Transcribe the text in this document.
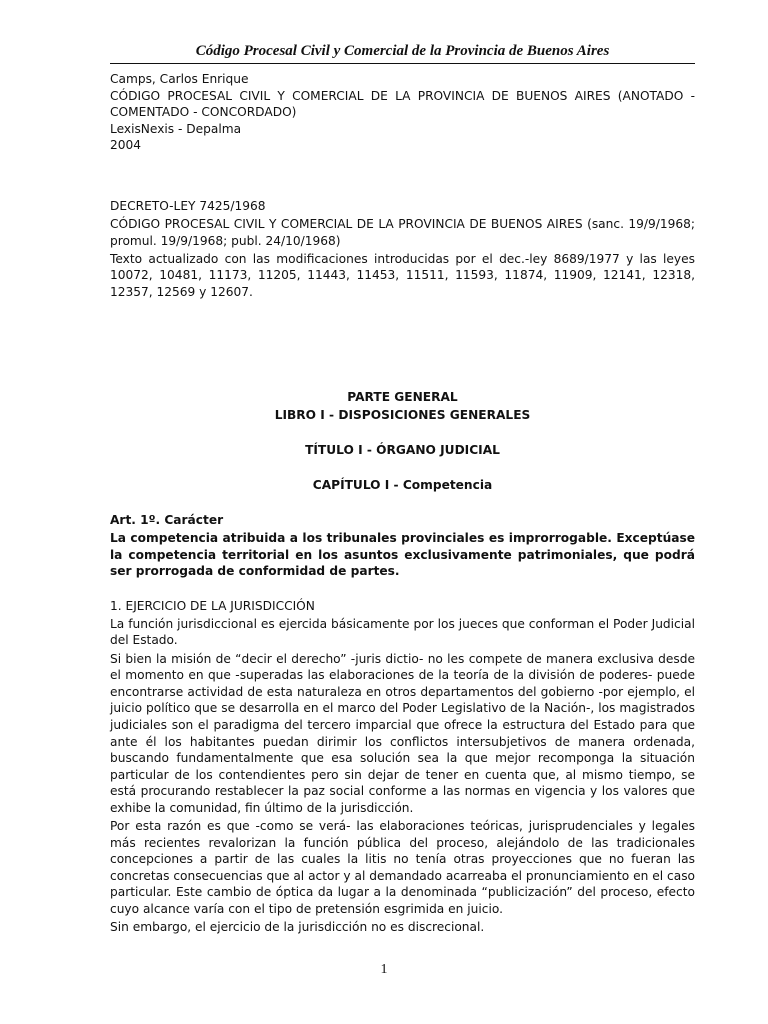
Código Procesal Civil y Comercial de la Provincia de Buenos Aires

Camps, Carlos Enrique

CÓDIGO PROCESAL CIVIL Y COMERCIAL DE LA PROVINCIA DE BUENOS AIRES (ANOTADO - COMENTADO - CONCORDADO)

LexisNexis - Depalma

2004

DECRETO-LEY 7425/1968

CÓDIGO PROCESAL CIVIL Y COMERCIAL DE LA PROVINCIA DE BUENOS AIRES (sanc. 19/9/1968; promul. 19/9/1968; publ. 24/10/1968)

Texto actualizado con las modificaciones introducidas por el dec.-ley 8689/1977 y las leyes 10072, 10481, 11173, 11205, 11443, 11453, 11511, 11593, 11874, 11909, 12141, 12318, 12357, 12569 y 12607.

PARTE GENERAL

LIBRO I - DISPOSICIONES GENERALES

TÍTULO I - ÓRGANO JUDICIAL

CAPÍTULO I - Competencia

Art. 1º. Carácter

La competencia atribuida a los tribunales provinciales es improrrogable. Exceptúase la competencia territorial en los asuntos exclusivamente patrimoniales, que podrá ser prorrogada de conformidad de partes.

1. EJERCICIO DE LA JURISDICCIÓN

La función jurisdiccional es ejercida básicamente por los jueces que conforman el Poder Judicial del Estado.

Si bien la misión de “decir el derecho” -juris dictio- no les compete de manera exclusiva desde el momento en que -superadas las elaboraciones de la teoría de la división de poderes- puede encontrarse actividad de esta naturaleza en otros departamentos del gobierno -por ejemplo, el juicio político que se desarrolla en el marco del Poder Legislativo de la Nación-, los magistrados judiciales son el paradigma del tercero imparcial que ofrece la estructura del Estado para que ante él los habitantes puedan dirimir los conflictos intersubjetivos de manera ordenada, buscando fundamentalmente que esa solución sea la que mejor recomponga la situación particular de los contendientes pero sin dejar de tener en cuenta que, al mismo tiempo, se está procurando restablecer la paz social conforme a las normas en vigencia y los valores que exhibe la comunidad, fin último de la jurisdicción.

Por esta razón es que -como se verá- las elaboraciones teóricas, jurisprudenciales y legales más recientes revalorizan la función pública del proceso, alejándolo de las tradicionales concepciones a partir de las cuales la litis no tenía otras proyecciones que no fueran las concretas consecuencias que al actor y al demandado acarreaba el pronunciamiento en el caso particular. Este cambio de óptica da lugar a la denominada “publicización” del proceso, efecto cuyo alcance varía con el tipo de pretensión esgrimida en juicio.

Sin embargo, el ejercicio de la jurisdicción no es discrecional.

1
